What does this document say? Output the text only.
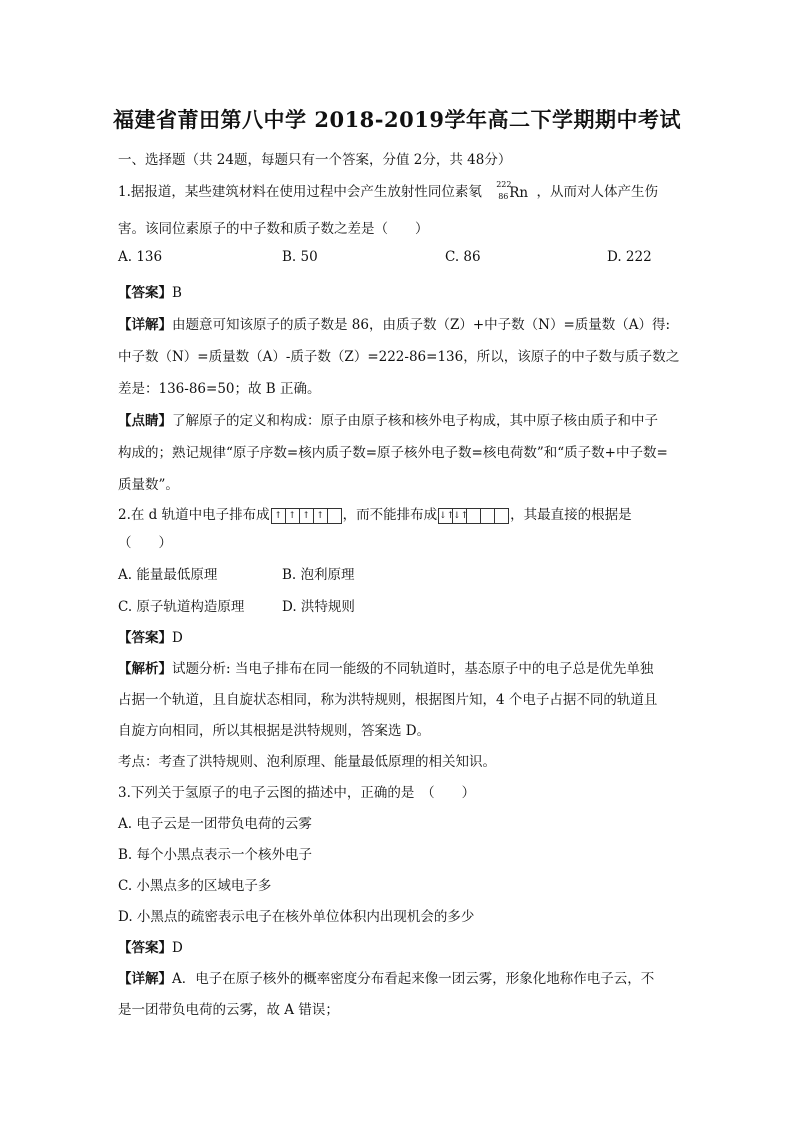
福建省莆田第八中学 2018-2019学年高二下学期期中考试
一、选择题（共 24题，每题只有一个答案，分值 2分，共 48分）
1.据报道，某些建筑材料在使用过程中会产生放射性同位素氡 222
86 Rn ，从而对人体产生伤
害。该同位素原子的中子数和质子数之差是（　　）
A. 136	B. 50	C. 86	D. 222
【答案】B
【详解】由题意可知该原子的质子数是 86，由质子数（Z）+中子数（N）=质量数（A）得:
中子数（N）=质量数（A）-质子数（Z）=222-86=136，所以，该原子的中子数与质子数之
差是：136-86=50；故 B 正确。
【点睛】了解原子的定义和构成：原子由原子核和核外电子构成，其中原子核由质子和中子
构成的；熟记规律“原子序数=核内质子数=原子核外电子数=核电荷数”和“质子数+中子数=
质量数”。
2.在 d 轨道中电子排布成 ↑ ↑ ↑ ↑ ，而不能排布成 ↓↑↓↑	，其最直接的根据是
（　　）
A. 能量最低原理	B. 泡利原理
C. 原子轨道构造原理	D. 洪特规则
【答案】D
【解析】试题分析: 当电子排布在同一能级的不同轨道时，基态原子中的电子总是优先单独
占据一个轨道，且自旋状态相同，称为洪特规则，根据图片知，4 个电子占据不同的轨道且
自旋方向相同，所以其根据是洪特规则，答案选 D。
考点：考查了洪特规则、泡利原理、能量最低原理的相关知识。
3.下列关于氢原子的电子云图的描述中，正确的是　（　　）
A. 电子云是一团带负电荷的云雾
B. 每个小黑点表示一个核外电子
C. 小黑点多的区域电子多
D. 小黑点的疏密表示电子在核外单位体积内出现机会的多少
【答案】D
【详解】A．电子在原子核外的概率密度分布看起来像一团云雾，形象化地称作电子云，不
是一团带负电荷的云雾，故 A 错误；
